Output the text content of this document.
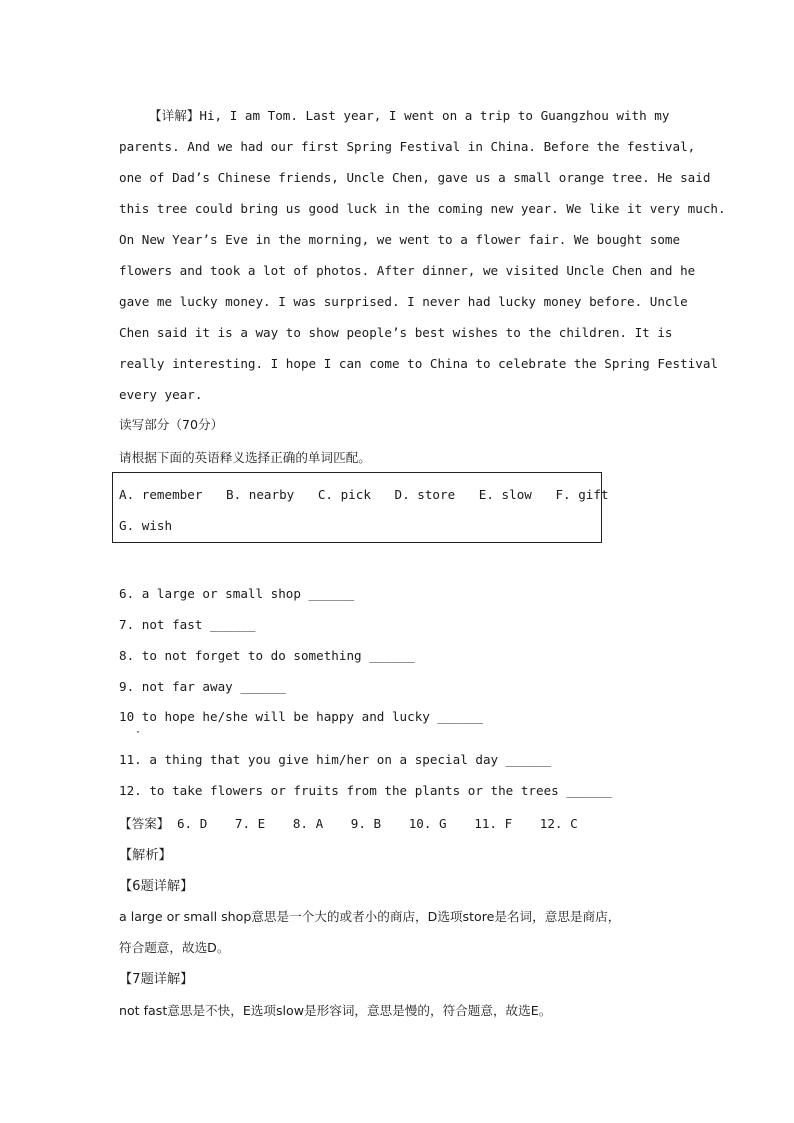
【详解】Hi, I am Tom. Last year, I went on a trip to Guangzhou with my
parents. And we had our first Spring Festival in China. Before the festival,
one of Dad’s Chinese friends, Uncle Chen, gave us a small orange tree. He said
this tree could bring us good luck in the coming new year. We like it very much.
On New Year’s Eve in the morning, we went to a flower fair. We bought some
flowers and took a lot of photos. After dinner, we visited Uncle Chen and he
gave me lucky money. I was surprised. I never had lucky money before. Uncle
Chen said it is a way to show people’s best wishes to the children. It is
really interesting. I hope I can come to China to celebrate the Spring Festival
every year.
读写部分（70分）
请根据下面的英语释义选择正确的单词匹配。
A. remember B. nearby C. pick D. store E. slow F. gift
G. wish
6. a large or small shop ______
7. not fast ______
8. to not forget to do something ______
9. not far away ______
10 to hope he/she will be happy and lucky ______
·
11. a thing that you give him/her on a special day ______
12. to take flowers or fruits from the plants or the trees ______
【答案】 6. D 7. E 8. A 9. B 10. G 11. F 12. C
【解析】
【6题详解】
a large or small shop意思是一个大的或者小的商店，D选项store是名词，意思是商店，
符合题意，故选D。
【7题详解】
not fast意思是不快，E选项slow是形容词，意思是慢的，符合题意，故选E。
